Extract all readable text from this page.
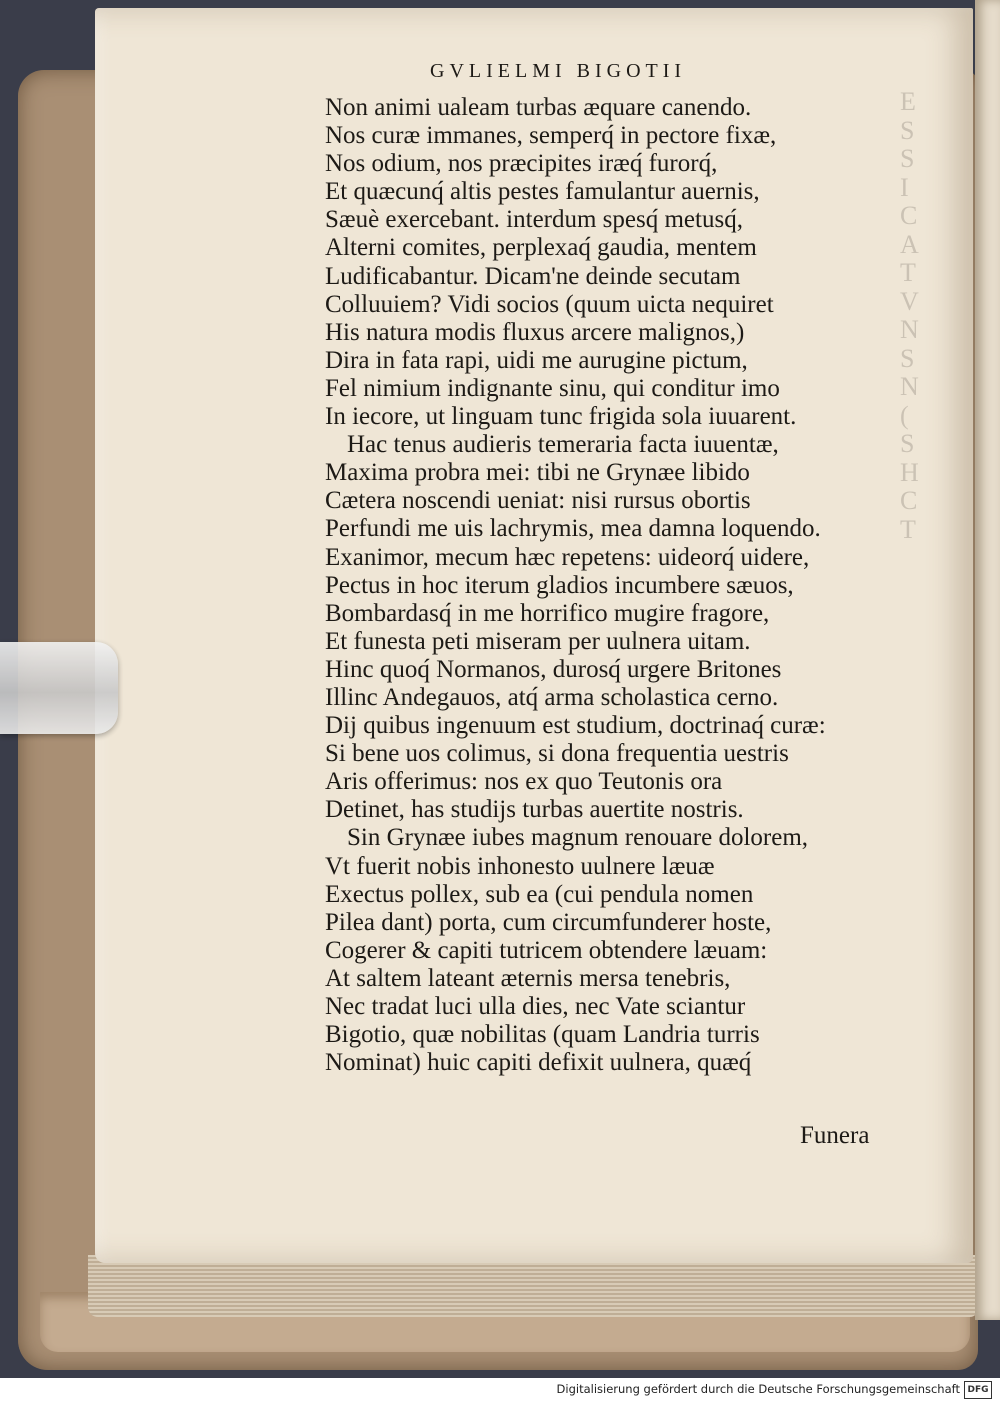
E
S
S
I
C
A
T
V
N
S
N
(
S
H
C
T
GVLIELMI BIGOTII
Non animi ualeam turbas æquare canendo.
Nos curæ immanes, semperq́ in pectore fixæ,
Nos odium, nos præcipites iræq́ furorq́,
Et quæcunq́ altis pestes famulantur auernis,
Sæuè exercebant. interdum spesq́ metusq́,
Alterni comites, perplexaq́ gaudia, mentem
Ludificabantur. Dicam'ne deinde secutam
Colluuiem? Vidi socios (quum uicta nequiret
His natura modis fluxus arcere malignos,)
Dira in fata rapi, uidi me aurugine pictum,
Fel nimium indignante sinu, qui conditur imo
In iecore, ut linguam tunc frigida sola iuuarent.
Hac tenus audieris temeraria facta iuuentæ,
Maxima probra mei: tibi ne Grynæe libido
Cætera noscendi ueniat: nisi rursus obortis
Perfundi me uis lachrymis, mea damna loquendo.
Exanimor, mecum hæc repetens: uideorq́ uidere,
Pectus in hoc iterum gladios incumbere sæuos,
Bombardasq́ in me horrifico mugire fragore,
Et funesta peti miseram per uulnera uitam.
Hinc quoq́ Normanos, durosq́ urgere Britones
Illinc Andegauos, atq́ arma scholastica cerno.
Dij quibus ingenuum est studium, doctrinaq́ curæ:
Si bene uos colimus, si dona frequentia uestris
Aris offerimus: nos ex quo Teutonis ora
Detinet, has studijs turbas auertite nostris.
Sin Grynæe iubes magnum renouare dolorem,
Vt fuerit nobis inhonesto uulnere læuæ
Exectus pollex, sub ea (cui pendula nomen
Pilea dant) porta, cum circumfunderer hoste,
Cogerer & capiti tutricem obtendere læuam:
At saltem lateant æternis mersa tenebris,
Nec tradat luci ulla dies, nec Vate sciantur
Bigotio, quæ nobilitas (quam Landria turris
Nominat) huic capiti defixit uulnera, quæq́
Funera
Digitalisierung gefördert durch die Deutsche Forschungsgemeinschaft DFG
